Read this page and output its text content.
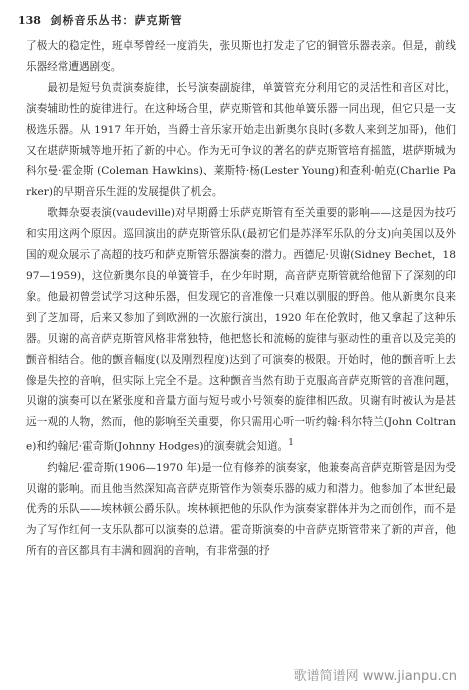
138 剑桥音乐丛书：萨克斯管

了极大的稳定性，班卓琴曾经一度消失，张贝斯也打发走了它的铜管乐器表亲。但是，前线乐器经常遭遇剧变。

最初是短号负责演奏旋律，长号演奏副旋律，单簧管充分利用它的灵活性和音区对比，演奏辅助性的旋律进行。在这种场合里，萨克斯管和其他单簧乐器一同出现，但它只是一支极选乐器。从 1917 年开始，当爵士音乐家开始走出新奥尔良时(多数人来到芝加哥)，他们又在堪萨斯城等地开拓了新的中心。作为无可争议的著名的萨克斯管培育摇篮，堪萨斯城为科尔曼·霍金斯 (Coleman Hawkins)、莱斯特·杨(Lester Young)和查利·帕克(Charlie Parker)的早期音乐生涯的发展提供了机会。

歌舞杂耍表演(vaudeville)对早期爵士乐萨克斯管有至关重要的影响——这是因为技巧和实用这两个原因。巡回演出的萨克斯管乐队(最初它们是苏泽军乐队的分支)向美国以及外国的观众展示了高超的技巧和萨克斯管乐器演奏的潜力。西德尼·贝谢(Sidney Bechet，1897—1959)，这位新奥尔良的单簧管手，在少年时期，高音萨克斯管就给他留下了深刻的印象。他最初曾尝试学习这种乐器，但发现它的音准像一只难以驯服的野兽。他从新奥尔良来到了芝加哥，后来又参加了到欧洲的一次旅行演出，1920 年在伦敦时，他又拿起了这种乐器。贝谢的高音萨克斯管风格非常独特，他把悠长和流畅的旋律与驱动性的重音以及完美的颤音相结合。他的颤音幅度(以及刚烈程度)达到了可演奏的极限。开始时，他的颤音听上去像是失控的音响，但实际上完全不是。这种颤音当然有助于克服高音萨克斯管的音准问题，贝谢的演奏可以在紧张度和音量方面与短号或小号领奏的旋律相匹敌。贝谢有时被认为是甚远一观的人物，然而，他的影响至关重要，你只需用心听一听约翰·科尔特兰(John Coltrane)和约翰尼·霍奇斯(Johnny Hodges)的演奏就会知道。$^1$

约翰尼·霍奇斯(1906—1970 年)是一位有修养的演奏家，他兼奏高音萨克斯管是因为受贝谢的影响。而且他当然深知高音萨克斯管作为领奏乐器的威力和潜力。他参加了本世纪最优秀的乐队——埃林顿公爵乐队。埃林顿把他的乐队作为演奏家群体并为之而创作，而不是为了写作红何一支乐队都可以演奏的总谱。霍奇斯演奏的中音萨克斯管带来了新的声音，他所有的音区都具有丰满和圆润的音响，有非常强的抒

歌谱简谱网 www.jianpu.cn
